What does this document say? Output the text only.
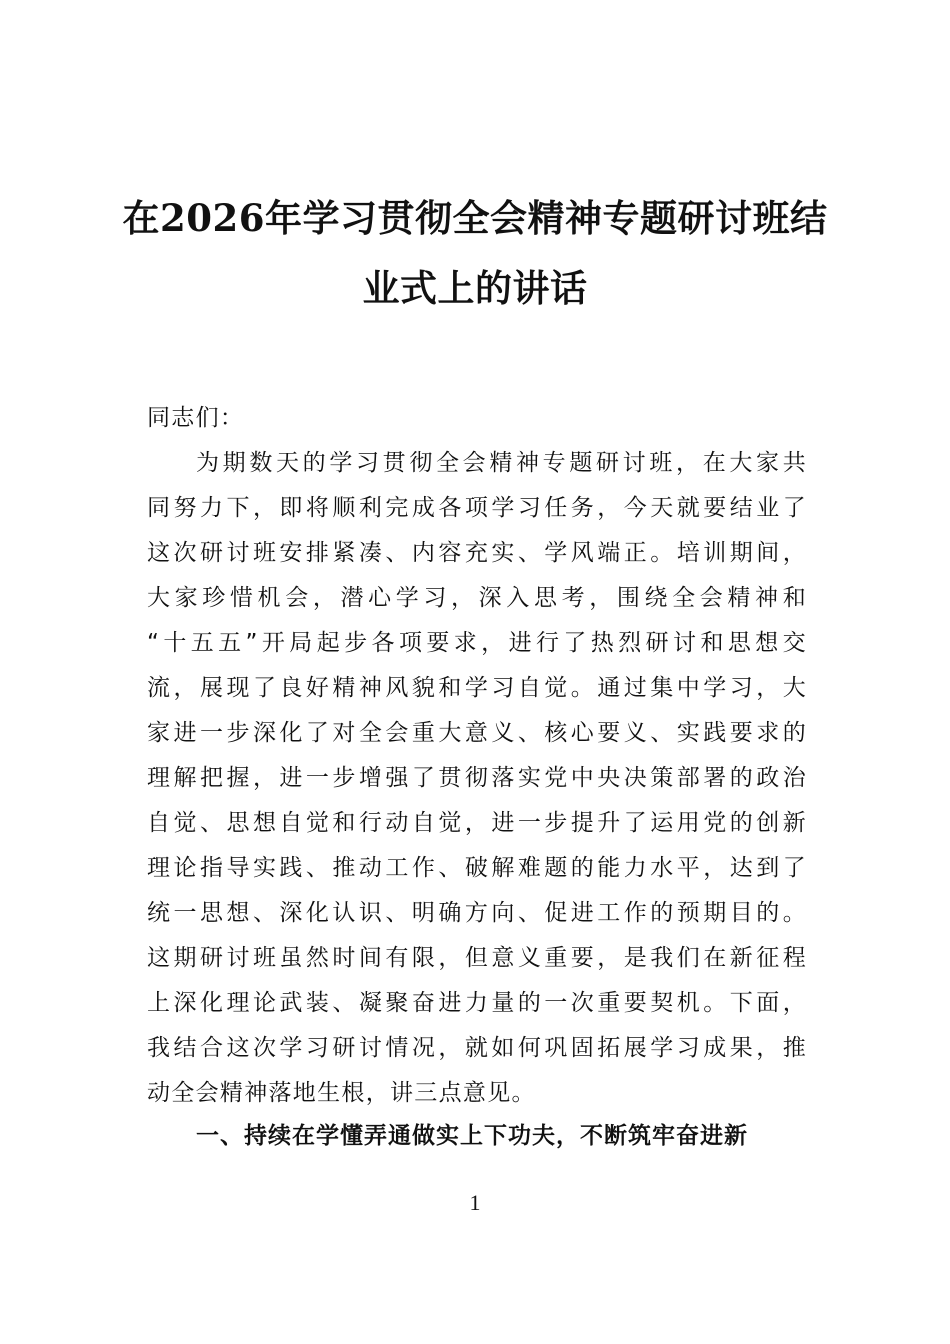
在2026年学习贯彻全会精神专题研讨班结
业式上的讲话
同志们：
为期数天的学习贯彻全会精神专题研讨班，在大家共
同努力下，即将顺利完成各项学习任务，今天就要结业了
这次研讨班安排紧凑、内容充实、学风端正。培训期间，
大家珍惜机会，潜心学习，深入思考，围绕全会精神和
“十五五”开局起步各项要求，进行了热烈研讨和思想交
流，展现了良好精神风貌和学习自觉。通过集中学习，大
家进一步深化了对全会重大意义、核心要义、实践要求的
理解把握，进一步增强了贯彻落实党中央决策部署的政治
自觉、思想自觉和行动自觉，进一步提升了运用党的创新
理论指导实践、推动工作、破解难题的能力水平，达到了
统一思想、深化认识、明确方向、促进工作的预期目的。
这期研讨班虽然时间有限，但意义重要，是我们在新征程
上深化理论武装、凝聚奋进力量的一次重要契机。下面，
我结合这次学习研讨情况，就如何巩固拓展学习成果，推
动全会精神落地生根，讲三点意见。
一、持续在学懂弄通做实上下功夫，不断筑牢奋进新
1
